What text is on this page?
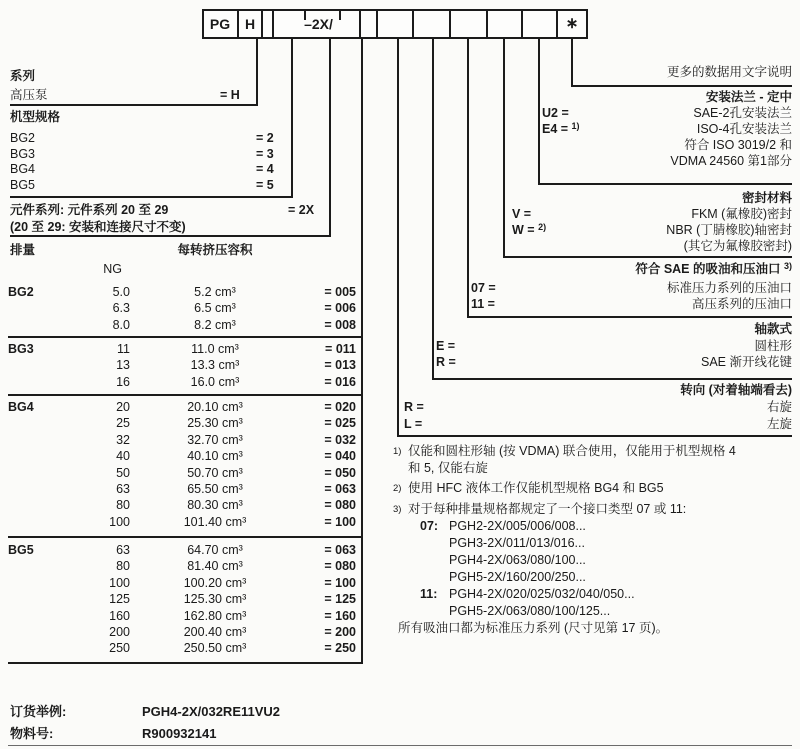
PG	H	–2X/	∗
系列
高压泵	= H
机型规格
BG2	= 2
BG3	= 3
BG4	= 4
BG5	= 5
元件系列: 元件系列 20 至 29	= 2X
(20 至 29: 安装和连接尺寸不变)
排量	每转挤压容积
NG
BG2	5.0	5.2 cm³	= 005
6.3	6.5 cm³	= 006
8.0	8.2 cm³	= 008
BG3	11	11.0 cm³	= 011
13	13.3 cm³	= 013
16	16.0 cm³	= 016
BG4	20	20.10 cm³	= 020
25	25.30 cm³	= 025
32	32.70 cm³	= 032
40	40.10 cm³	= 040
50	50.70 cm³	= 050
63	65.50 cm³	= 063
80	80.30 cm³	= 080
100	101.40 cm³	= 100
BG5	63	64.70 cm³	= 063
80	81.40 cm³	= 080
100	100.20 cm³	= 100
125	125.30 cm³	= 125
160	162.80 cm³	= 160
200	200.40 cm³	= 200
250	250.50 cm³	= 250
更多的数据用文字说明
安装法兰 - 定中
U2 =	SAE-2孔安装法兰
E4 = $^{1)}$	ISO-4孔安装法兰
符合 ISO 3019/2 和
VDMA 24560 第1部分
密封材料
V =	FKM (氟橡胶)密封
W = $^{2)}$	NBR (丁腈橡胶)轴密封
(其它为氟橡胶密封)
符合 SAE 的吸油和压油口 $^{3)}$
07 =	标准压力系列的压油口
11 =	高压系列的压油口
轴款式
E =	圆柱形
R =	SAE 渐开线花键
转向 (对着轴端看去)
R =	右旋
L =	左旋
1) 仅能和圆柱形轴 (按 VDMA) 联合使用，仅能用于机型规格 4
和 5, 仅能右旋
2) 使用 HFC 液体工作仅能机型规格 BG4 和 BG5
3) 对于每种排量规格都规定了一个接口类型 07 或 11:
07: PGH2-2X/005/006/008...
PGH3-2X/011/013/016...
PGH4-2X/063/080/100...
PGH5-2X/160/200/250...
11: PGH4-2X/020/025/032/040/050...
PGH5-2X/063/080/100/125...
所有吸油口都为标准压力系列 (尺寸见第 17 页)。
订货举例:	PGH4-2X/032RE11VU2
物料号:	R900932141
